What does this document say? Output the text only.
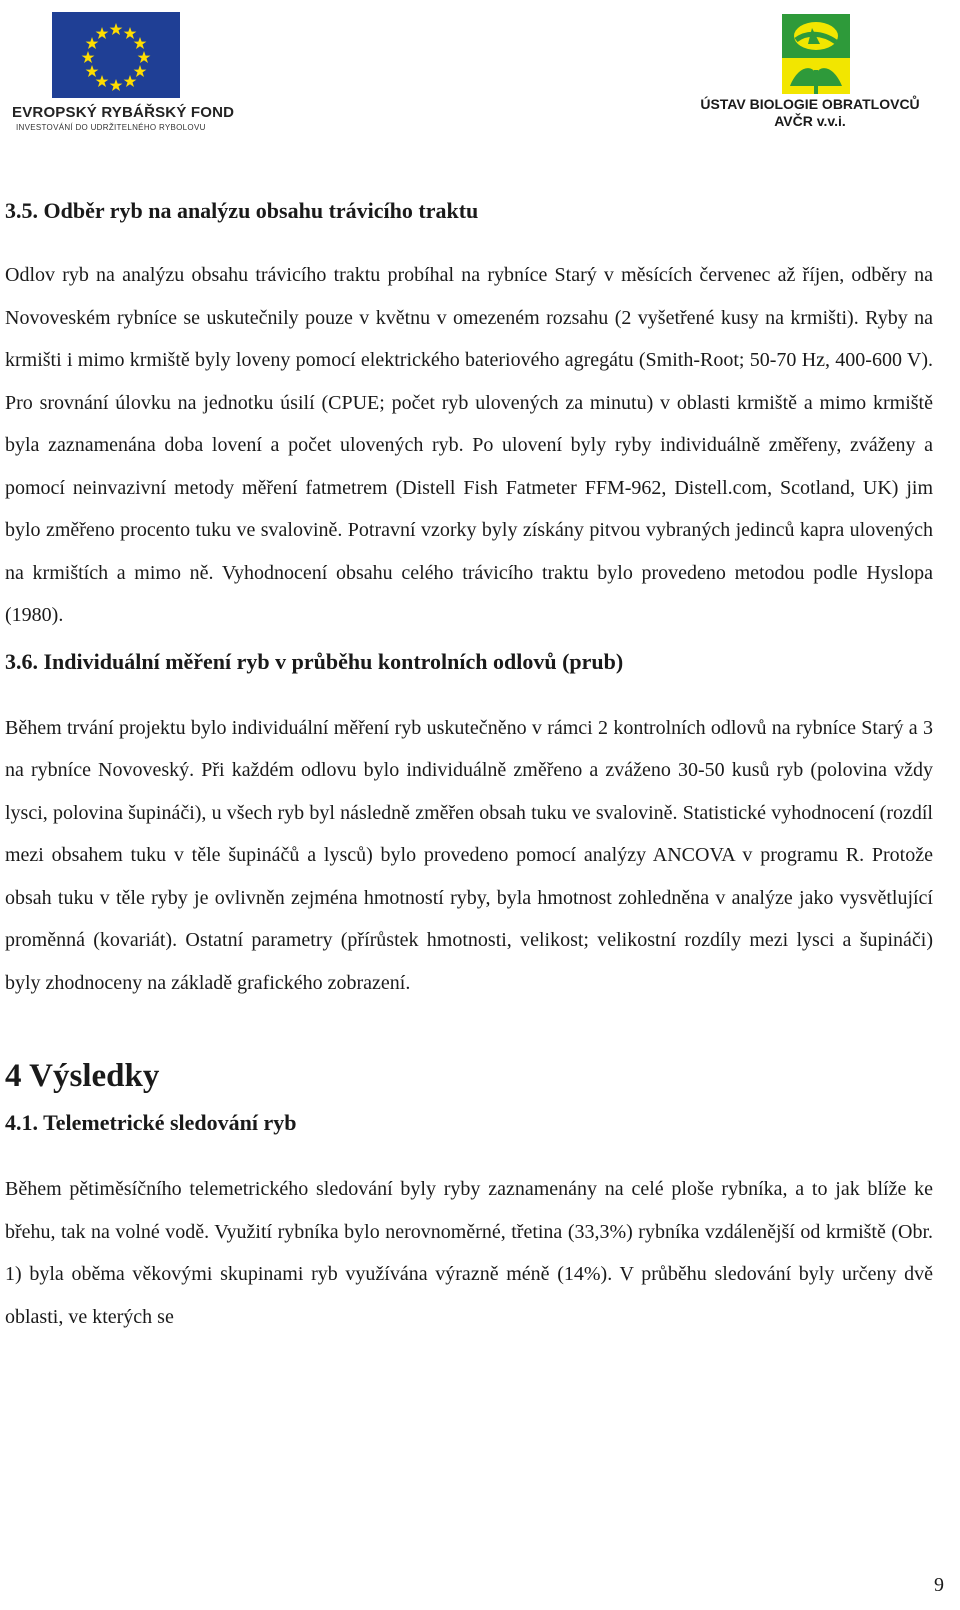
EVROPSKÝ RYBÁŘSKÝ FOND
INVESTOVÁNÍ DO UDRŽITELNÉHO RYBOLOVU
ÚSTAV BIOLOGIE OBRATLOVCŮ
AVČR v.v.i.
3.5. Odběr ryb na analýzu obsahu trávicího traktu

Odlov ryb na analýzu obsahu trávicího traktu probíhal na rybníce Starý v měsících červenec až říjen, odběry na Novoveském rybníce se uskutečnily pouze v květnu v omezeném rozsahu (2 vyšetřené kusy na krmišti). Ryby na krmišti i mimo krmiště byly loveny pomocí elektrického bateriového agregátu (Smith-Root; 50-70 Hz, 400-600 V). Pro srovnání úlovku na jednotku úsilí (CPUE; počet ryb ulovených za minutu) v oblasti krmiště a mimo krmiště byla zaznamenána doba lovení a počet ulovených ryb. Po ulovení byly ryby individuálně změřeny, zváženy a pomocí neinvazivní metody měření fatmetrem (Distell Fish Fatmeter FFM-962, Distell.com, Scotland, UK) jim bylo změřeno procento tuku ve svalovině. Potravní vzorky byly získány pitvou vybraných jedinců kapra ulovených na krmištích a mimo ně. Vyhodnocení obsahu celého trávicího traktu bylo provedeno metodou podle Hyslopa (1980).

3.6. Individuální měření ryb v průběhu kontrolních odlovů (prub)

Během trvání projektu bylo individuální měření ryb uskutečněno v rámci 2 kontrolních odlovů na rybníce Starý a 3 na rybníce Novoveský. Při každém odlovu bylo individuálně změřeno a zváženo 30-50 kusů ryb (polovina vždy lysci, polovina šupináči), u všech ryb byl následně změřen obsah tuku ve svalovině. Statistické vyhodnocení (rozdíl mezi obsahem tuku v těle šupináčů a lysců) bylo provedeno pomocí analýzy ANCOVA v programu R. Protože obsah tuku v těle ryby je ovlivněn zejména hmotností ryby, byla hmotnost zohledněna v analýze jako vysvětlující proměnná (kovariát). Ostatní parametry (přírůstek hmotnosti, velikost; velikostní rozdíly mezi lysci a šupináči) byly zhodnoceny na základě grafického zobrazení.

4 Výsledky
4.1. Telemetrické sledování ryb

Během pětiměsíčního telemetrického sledování byly ryby zaznamenány na celé ploše rybníka, a to jak blíže ke břehu, tak na volné vodě. Využití rybníka bylo nerovnoměrné, třetina (33,3%) rybníka vzdálenější od krmiště (Obr. 1) byla oběma věkovými skupinami ryb využívána výrazně méně (14%). V průběhu sledování byly určeny dvě oblasti, ve kterých se

9
